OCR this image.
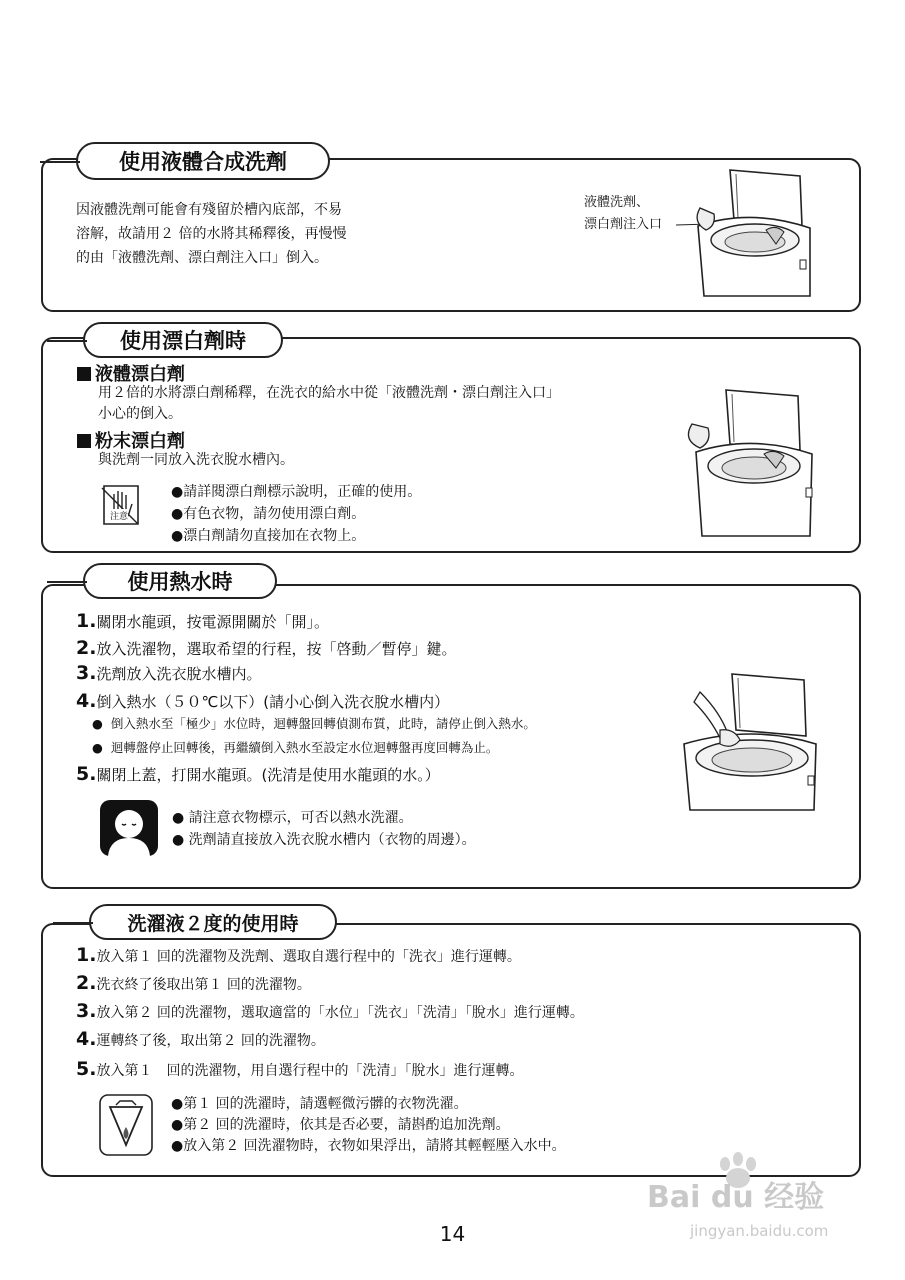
使用液體合成洗劑
因液體洗劑可能會有殘留於槽內底部，不易
溶解，故請用２ 倍的水將其稀釋後，再慢慢
的由「液體洗劑、漂白劑注入口」倒入。
液體洗劑、
漂白劑注入口
使用漂白劑時
液體漂白劑
用２倍的水將漂白劑稀釋，在洗衣的給水中從「液體洗劑・漂白劑注入口」
小心的倒入。
粉末漂白劑
與洗劑一同放入洗衣脫水槽內。
注意
●請詳閱漂白劑標示說明，正確的使用。
●有色衣物，請勿使用漂白劑。
●漂白劑請勿直接加在衣物上。
使用熱水時
1.關閉水龍頭，按電源開關於「開」。
2.放入洗濯物，選取希望的行程，按「啓動／暫停」鍵。
3.洗劑放入洗衣脫水槽内。
4.倒入熱水（５０℃以下）(請小心倒入洗衣脫水槽内）
●  倒入熱水至「極少」水位時，迴轉盤回轉偵測布質，此時，請停止倒入熱水。
●  迴轉盤停止回轉後，再繼續倒入熱水至設定水位迴轉盤再度回轉為止。
5.關閉上蓋，打開水龍頭。(洗清是使用水龍頭的水。）
● 請注意衣物標示，可否以熱水洗濯。
● 洗劑請直接放入洗衣脫水槽内（衣物的周邊）。
洗濯液２度的使用時
1.放入第１ 回的洗濯物及洗劑、選取自選行程中的「洗衣」進行運轉。
2.洗衣終了後取出第１ 回的洗濯物。
3.放入第２ 回的洗濯物，選取適當的「水位」「洗衣」「洗清」「脫水」進行運轉。
4.運轉終了後，取出第２ 回的洗濯物。
5.放入第１　回的洗濯物，用自選行程中的「洗清」「脫水」進行運轉。
●第１ 回的洗濯時，請選輕微污髒的衣物洗濯。
●第２ 回的洗濯時，依其是否必要，請斟酌追加洗劑。
●放入第２ 回洗濯物時，衣物如果浮出，請將其輕輕壓入水中。
14
Bai du 经验
jingyan.baidu.com
